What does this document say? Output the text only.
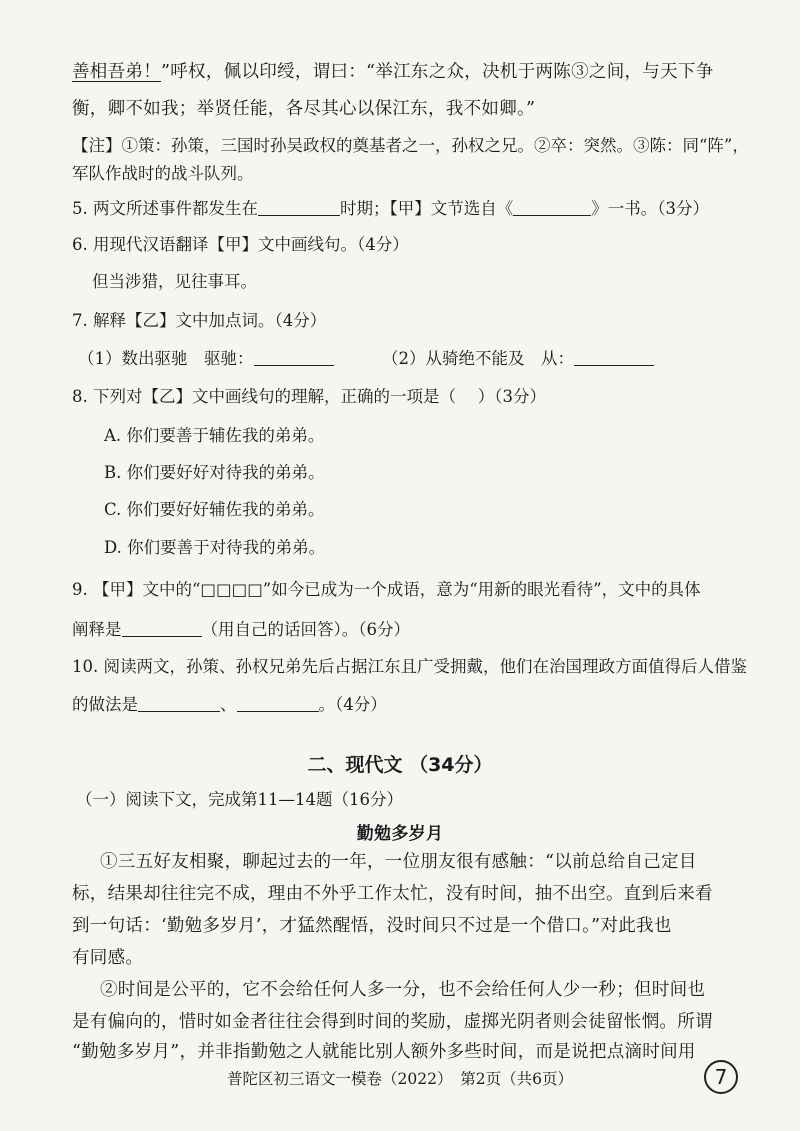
善相吾弟！”呼权，佩以印绶，谓曰：“举江东之众，决机于两陈③之间，与天下争
衡，卿不如我；举贤任能，各尽其心以保江东，我不如卿。”
【注】①策：孙策，三国时孙吴政权的奠基者之一，孙权之兄。②卒：突然。③陈：同“阵”，
军队作战时的战斗队列。
5. 两文所述事件都发生在	时期；【甲】文节选自《	》一书。（3分）
6. 用现代汉语翻译【甲】文中画线句。（4分）
但当涉猎，见往事耳。
7. 解释【乙】文中加点词。（4分）
（1）数出驱驰　驱驰：	（2）从骑绝不能及　从：
8. 下列对【乙】文中画线句的理解，正确的一项是（　 ）（3分）
A. 你们要善于辅佐我的弟弟。
B. 你们要好好对待我的弟弟。
C. 你们要好好辅佐我的弟弟。
D. 你们要善于对待我的弟弟。
9. 【甲】文中的“□□□□”如今已成为一个成语，意为“用新的眼光看待”，文中的具体
阐释是	（用自己的话回答）。（6分）
10. 阅读两文，孙策、孙权兄弟先后占据江东且广受拥戴，他们在治国理政方面值得后人借鉴
的做法是	、	。（4分）
二、现代文 （34分）
（一）阅读下文，完成第11—14题（16分）
勤勉多岁月
①三五好友相聚，聊起过去的一年，一位朋友很有感触：“以前总给自己定目
标，结果却往往完不成，理由不外乎工作太忙，没有时间，抽不出空。直到后来看
到一句话：‘勤勉多岁月’，才猛然醒悟，没时间只不过是一个借口。”对此我也
有同感。
②时间是公平的，它不会给任何人多一分，也不会给任何人少一秒；但时间也
是有偏向的，惜时如金者往往会得到时间的奖励，虚掷光阴者则会徒留怅惘。所谓
“勤勉多岁月”，并非指勤勉之人就能比别人额外多些时间，而是说把点滴时间用
普陀区初三语文一模卷（2022）　第2页（共6页）	7
